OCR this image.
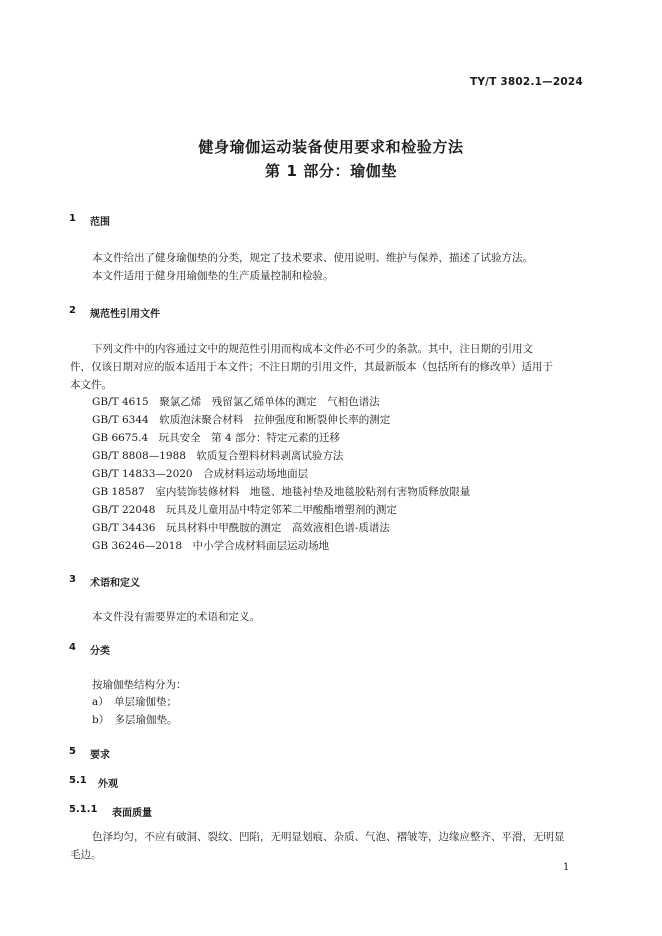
TY/T 3802.1—2024
健身瑜伽运动装备使用要求和检验方法
第 1 部分：瑜伽垫
1 范围
本文件给出了健身瑜伽垫的分类，规定了技术要求、使用说明、维护与保养，描述了试验方法。
本文件适用于健身用瑜伽垫的生产质量控制和检验。
2 规范性引用文件
下列文件中的内容通过文中的规范性引用而构成本文件必不可少的条款。其中，注日期的引用文
件，仅该日期对应的版本适用于本文件；不注日期的引用文件，其最新版本（包括所有的修改单）适用于
本文件。
GB/T 4615　聚氯乙烯　残留氯乙烯单体的测定　气相色谱法
GB/T 6344　软质泡沫聚合材料　拉伸强度和断裂伸长率的测定
GB 6675.4　玩具安全　第 4 部分：特定元素的迁移
GB/T 8808—1988　软质复合塑料材料剥离试验方法
GB/T 14833—2020　合成材料运动场地面层
GB 18587　室内装饰装修材料　地毯、地毯衬垫及地毯胶粘剂有害物质释放限量
GB/T 22048　玩具及儿童用品中特定邻苯二甲酸酯增塑剂的测定
GB/T 34436　玩具材料中甲酰胺的测定　高效液相色谱-质谱法
GB 36246—2018　中小学合成材料面层运动场地
3 术语和定义
本文件没有需要界定的术语和定义。
4 分类
按瑜伽垫结构分为：
a）　单层瑜伽垫；
b）　多层瑜伽垫。
5 要求
5.1 外观
5.1.1 表面质量
色泽均匀，不应有破洞、裂纹、凹陷，无明显划痕、杂质、气泡、褶皱等，边缘应整齐、平滑，无明显
毛边。
1
